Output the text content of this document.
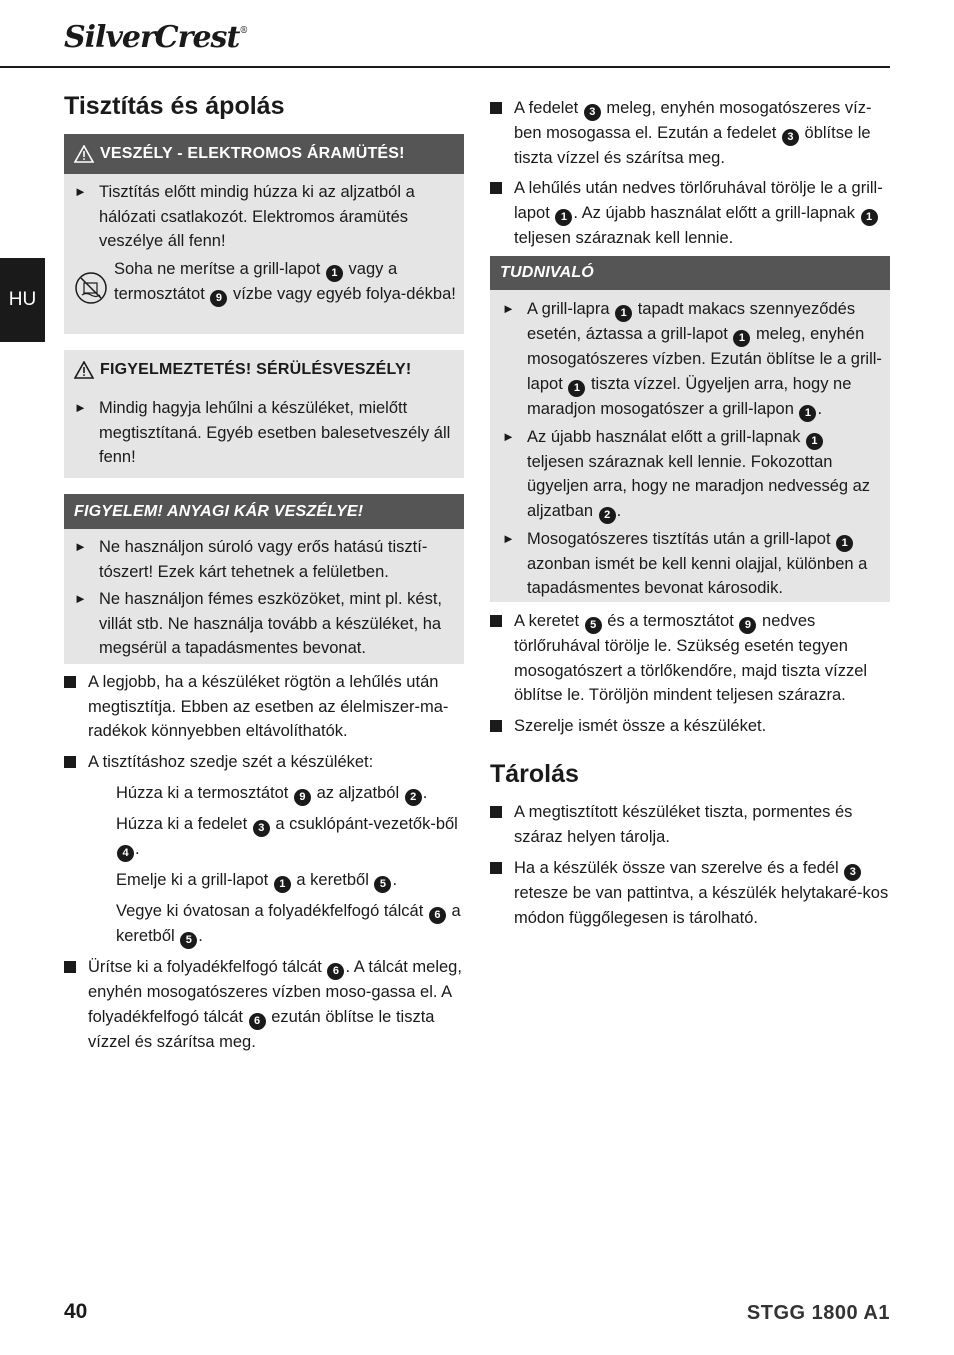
SilverCrest®
HU
Tisztítás és ápolás
VESZÉLY - ELEKTROMOS ÁRAMÜTÉS!
► Tisztítás előtt mindig húzza ki az aljzatból a hálózati csatlakozót. Elektromos áramütés veszélye áll fenn!
Soha ne merítse a grill-lapot 1 vagy a termosztátot 9 vízbe vagy egyéb folya-dékba!
FIGYELMEZTETÉS! SÉRÜLÉSVESZÉLY!
► Mindig hagyja lehűlni a készüléket, mielőtt megtisztítaná. Egyéb esetben balesetveszély áll fenn!
FIGYELEM! ANYAGI KÁR VESZÉLYE!
► Ne használjon súroló vagy erős hatású tisztí-tószert! Ezek kárt tehetnek a felületben.
► Ne használjon fémes eszközöket, mint pl. kést, villát stb. Ne használja tovább a készüléket, ha megsérül a tapadásmentes bevonat.
A legjobb, ha a készüléket rögtön a lehűlés után megtisztítja. Ebben az esetben az élelmiszer-ma-radékok könnyebben eltávolíthatók.
A tisztításhoz szedje szét a készüléket:
Húzza ki a termosztátot 9 az aljzatból 2 .
Húzza ki a fedelet 3 a csuklópánt-vezetők-ből 4 .
Emelje ki a grill-lapot 1 a keretből 5 .
Vegye ki óvatosan a folyadékfelfogó tálcát 6 a keretből 5 .
Ürítse ki a folyadékfelfogó tálcát 6 . A tálcát meleg, enyhén mosogatószeres vízben moso-gassa el. A folyadékfelfogó tálcát 6 ezután öblítse le tiszta vízzel és szárítsa meg.
A fedelet 3 meleg, enyhén mosogatószeres víz-ben mosogassa el. Ezután a fedelet 3 öblítse le tiszta vízzel és szárítsa meg.
A lehűlés után nedves törlőruhával törölje le a grill-lapot 1 . Az újabb használat előtt a grill-lapnak 1 teljesen száraznak kell lennie.
TUDNIVALÓ
► A grill-lapra 1 tapadt makacs szennyeződés esetén, áztassa a grill-lapot 1 meleg, enyhén mosogatószeres vízben. Ezután öblítse le a grill-lapot 1 tiszta vízzel. Ügyeljen arra, hogy ne maradjon mosogatószer a grill-lapon 1 .
► Az újabb használat előtt a grill-lapnak 1 teljesen száraznak kell lennie. Fokozottan ügyeljen arra, hogy ne maradjon nedvesség az aljzatban 2 .
► Mosogatószeres tisztítás után a grill-lapot 1 azonban ismét be kell kenni olajjal, különben a tapadásmentes bevonat károsodik.
A keretet 5 és a termosztátot 9 nedves törlőruhával törölje le. Szükség esetén tegyen mosogatószert a törlőkendőre, majd tiszta vízzel öblítse le. Töröljön mindent teljesen szárazra.
Szerelje ismét össze a készüléket.
Tárolás
A megtisztított készüléket tiszta, pormentes és száraz helyen tárolja.
Ha a készülék össze van szerelve és a fedél 3 retesze be van pattintva, a készülék helytakaré-kos módon függőlegesen is tárolható.
40	STGG 1800 A1
